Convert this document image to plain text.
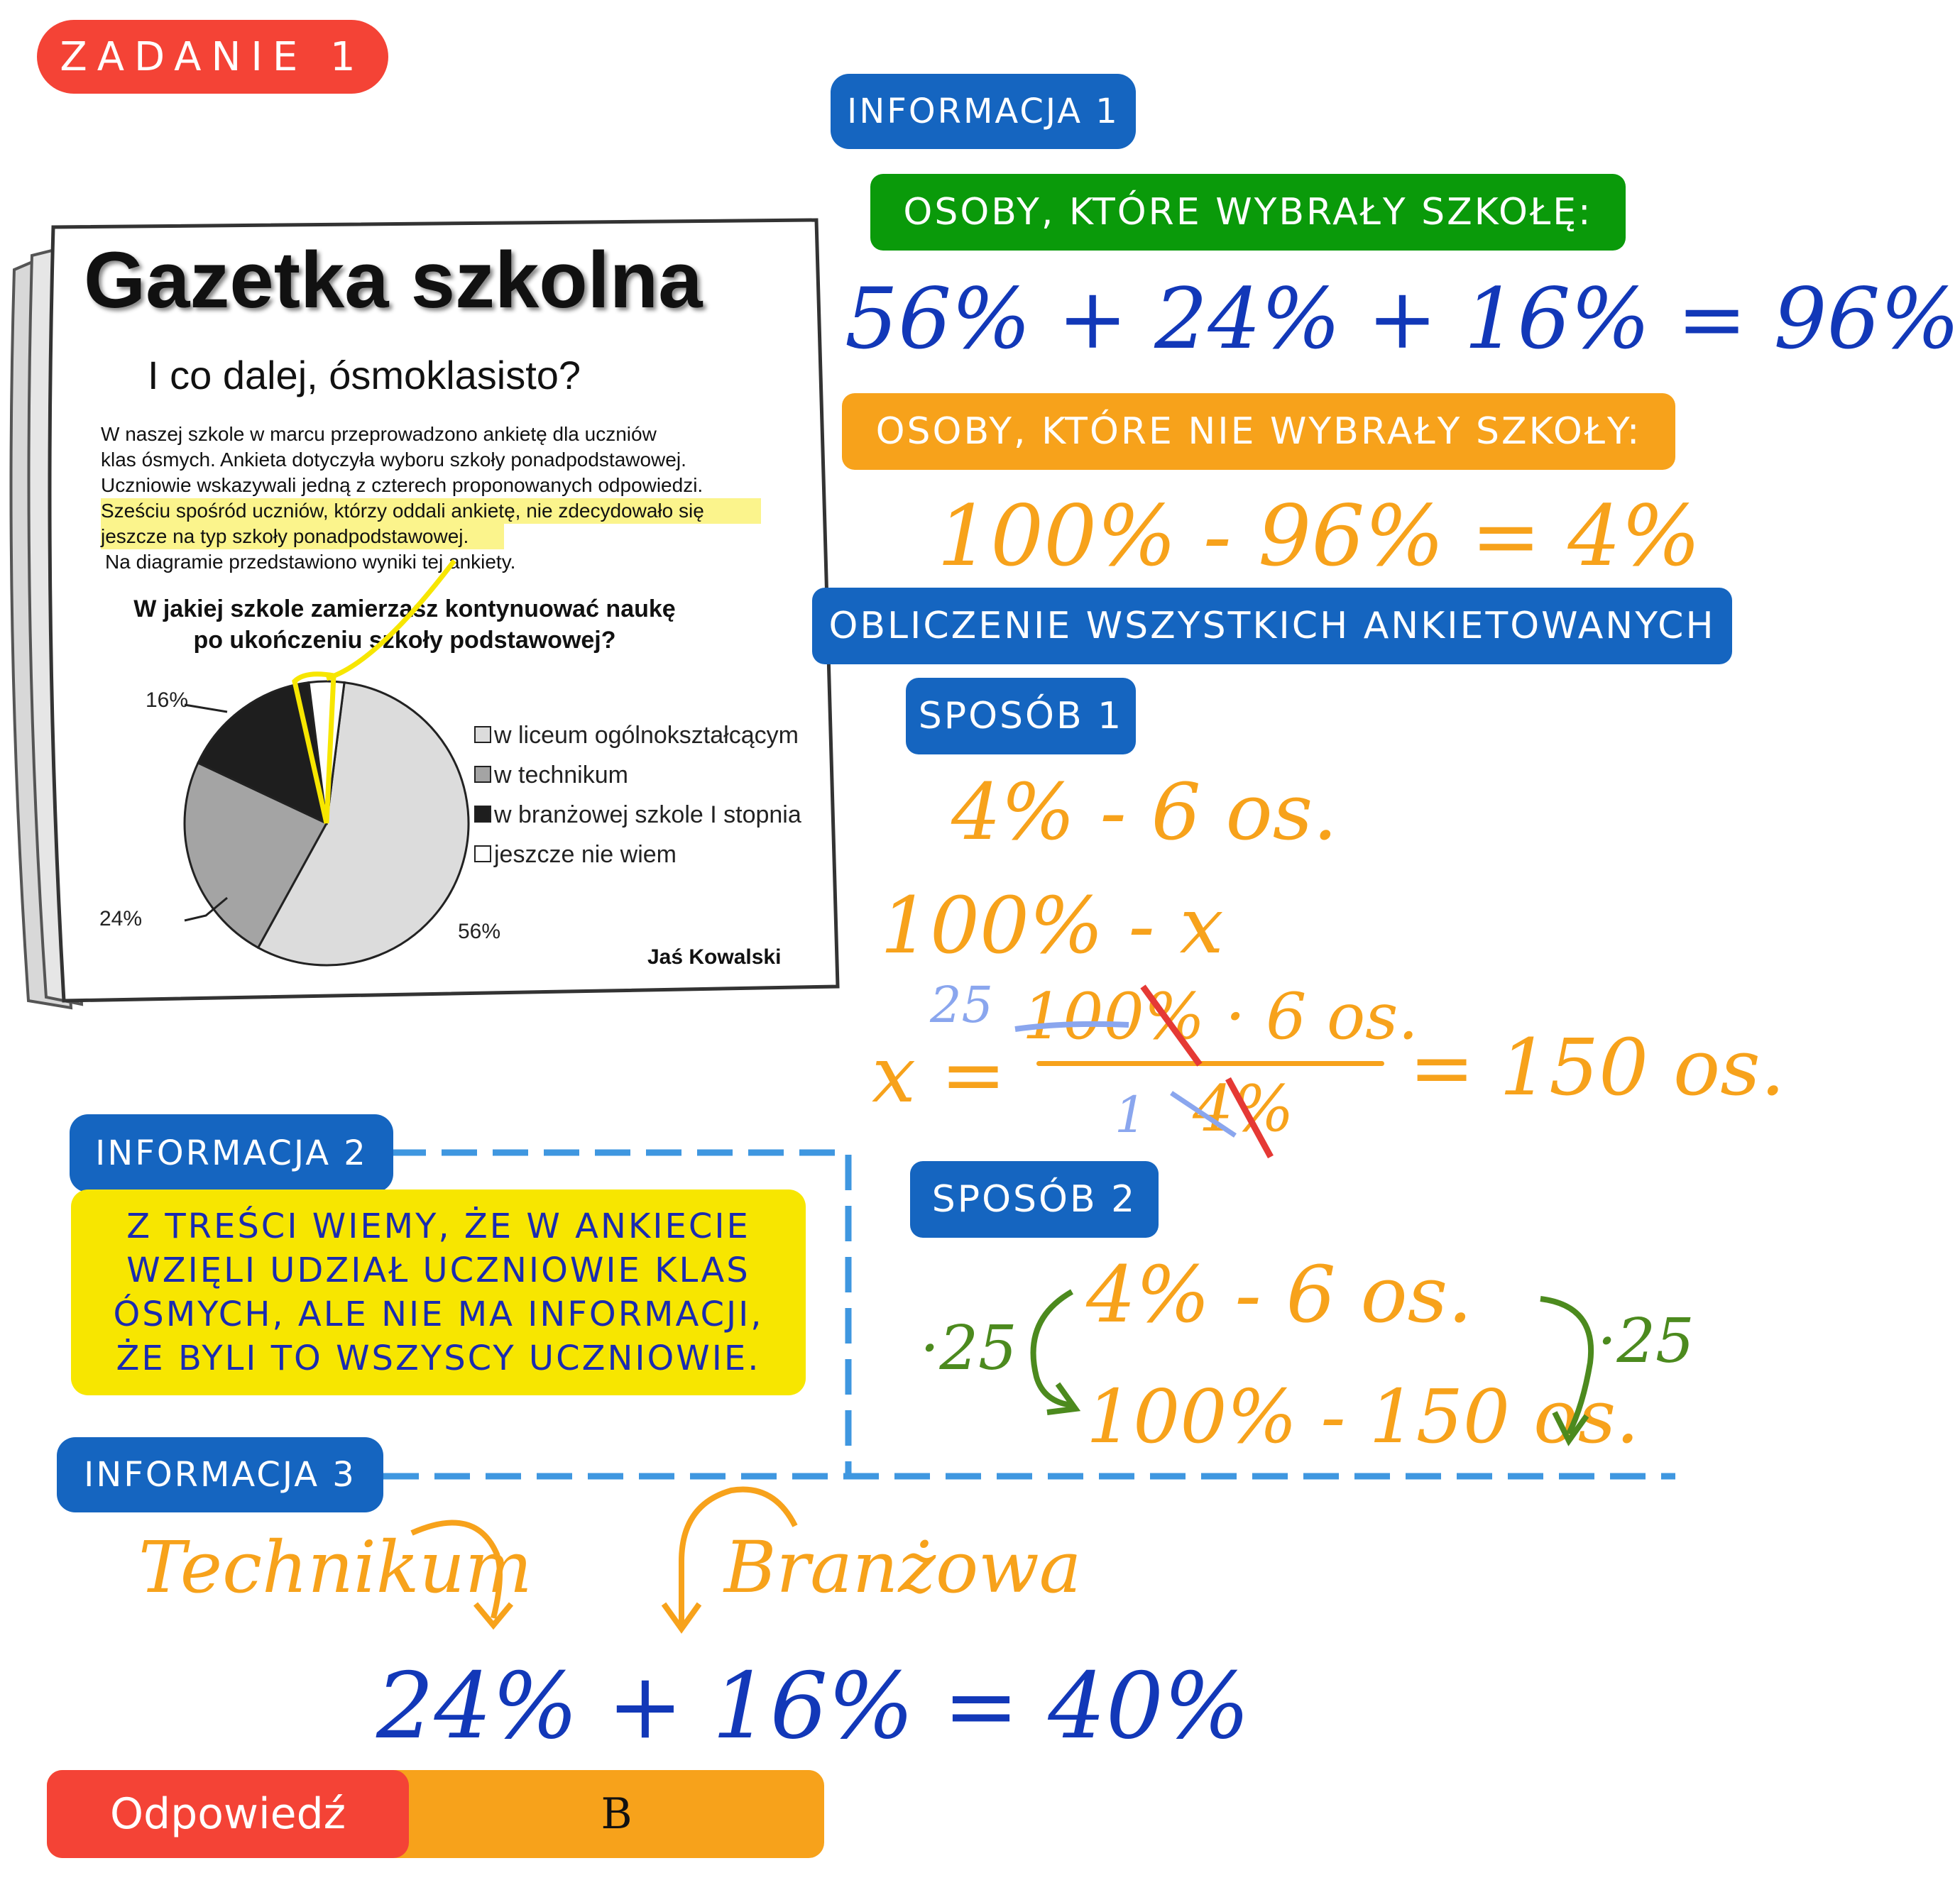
ZADANIE 1
Gazetka szkolna
I co dalej, ósmoklasisto?
W naszej szkole w marcu przeprowadzono ankietę dla uczniów
klas ósmych. Ankieta dotyczyła wyboru szkoły ponadpodstawowej.
Uczniowie wskazywali jedną z czterech proponowanych odpowiedzi.
Sześciu spośród uczniów, którzy oddali ankietę, nie zdecydowało się
jeszcze na typ szkoły ponadpodstawowej.
Na diagramie przedstawiono wyniki tej ankiety.
W jakiej szkole zamierzasz kontynuować naukę
po ukończeniu szkoły podstawowej?
16%
24%
56%
w liceum ogólnokształcącym
w technikum
w branżowej szkole I stopnia
jeszcze nie wiem
Jaś Kowalski
INFORMACJA 1
OSOBY, KTÓRE WYBRAŁY SZKOŁĘ:
56% + 24% + 16% = 96%
OSOBY, KTÓRE NIE WYBRAŁY SZKOŁY:
100% - 96% = 4%
OBLICZENIE WSZYSTKICH ANKIETOWANYCH
SPOSÓB 1
4% - 6 os.
100% - x
x =
100% · 6 os.
4% = 150 os.
25
1
SPOSÓB 2
4% - 6 os.
100% - 150 os.
·25	·25
INFORMACJA 2
Z TREŚCI WIEMY, ŻE W ANKIECIE
WZIĘLI UDZIAŁ UCZNIOWIE KLAS
ÓSMYCH, ALE NIE MA INFORMACJI,
ŻE BYLI TO WSZYSCY UCZNIOWIE.
INFORMACJA 3
Technikum	Branżowa
24% + 16% = 40%
Odpowiedź	B
